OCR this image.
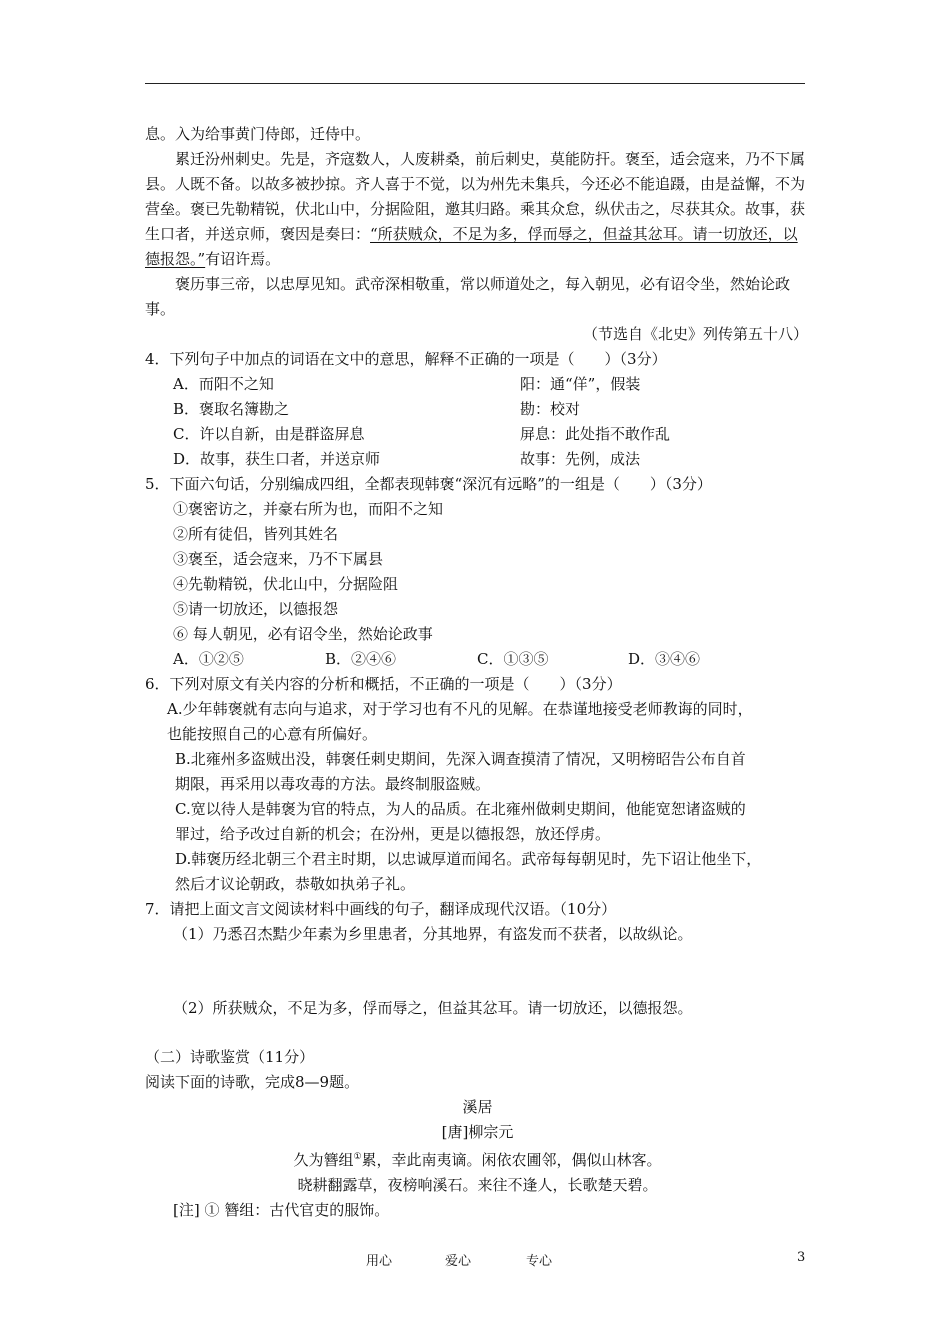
息。入为给事黄门侍郎，迁侍中。

累迁汾州刺史。先是，齐寇数人，人废耕桑，前后刺史，莫能防扞。褒至，适会寇来，乃不下属县。人既不备。以故多被抄掠。齐人喜于不觉，以为州先未集兵，今还必不能追蹑，由是益懈，不为营垒。褒已先勒精锐，伏北山中，分据险阻，邀其归路。乘其众怠，纵伏击之，尽获其众。故事，获生口者，并送京师，褒因是奏曰：“所获贼众，不足为多，俘而辱之，但益其忿耳。请一切放还，以德报怨。”有诏许焉。

褒历事三帝，以忠厚见知。武帝深相敬重，常以师道处之，每入朝见，必有诏令坐，然始论政事。

（节选自《北史》列传第五十八）

4．下列句子中加点的词语在文中的意思，解释不正确的一项是（　　）（3分）

A．而阳不之知	阳：通“佯”，假装
B．褒取名簿勘之	勘：校对
C．许以自新，由是群盗屏息	屏息：此处指不敢作乱
D．故事，获生口者，并送京师	故事：先例，成法

5．下面六句话，分别编成四组，全都表现韩褒“深沉有远略”的一组是（　　）（3分）

①褒密访之，并豪右所为也，而阳不之知

②所有徒侣，皆列其姓名

③褒至，适会寇来，乃不下属县

④先勒精锐，伏北山中，分据险阻

⑤请一切放还，以德报怨

⑥ 每人朝见，必有诏令坐，然始论政事

A．①②⑤	B．②④⑥	C．①③⑤	D．③④⑥

6．下列对原文有关内容的分析和概括，不正确的一项是（　　）（3分）

A.少年韩褒就有志向与追求，对于学习也有不凡的见解。在恭谨地接受老师教诲的同时，

也能按照自己的心意有所偏好。

B.北雍州多盗贼出没，韩褒任刺史期间，先深入调查摸清了情况，又明榜昭告公布自首

期限，再采用以毒攻毒的方法。最终制服盗贼。

C.宽以待人是韩褒为官的特点，为人的品质。在北雍州做刺史期间，他能宽恕诸盗贼的

罪过，给予改过自新的机会；在汾州，更是以德报怨，放还俘虏。

D.韩褒历经北朝三个君主时期，以忠诚厚道而闻名。武帝每每朝见时，先下诏让他坐下，

然后才议论朝政，恭敬如执弟子礼。

7．请把上面文言文阅读材料中画线的句子，翻译成现代汉语。（10分）

（1）乃悉召杰黠少年素为乡里患者，分其地界，有盗发而不获者，以故纵论。

（2）所获贼众，不足为多，俘而辱之，但益其忿耳。请一切放还，以德报怨。

（二）诗歌鉴赏（11分）

阅读下面的诗歌，完成8—9题。

溪居

[唐]柳宗元

久为簪组①累，幸此南夷谪。闲依农圃邻，偶似山林客。

晓耕翻露草，夜榜响溪石。来往不逢人，长歌楚天碧。

[注] ① 簪组：古代官吏的服饰。

用心	爱心	专心	3
